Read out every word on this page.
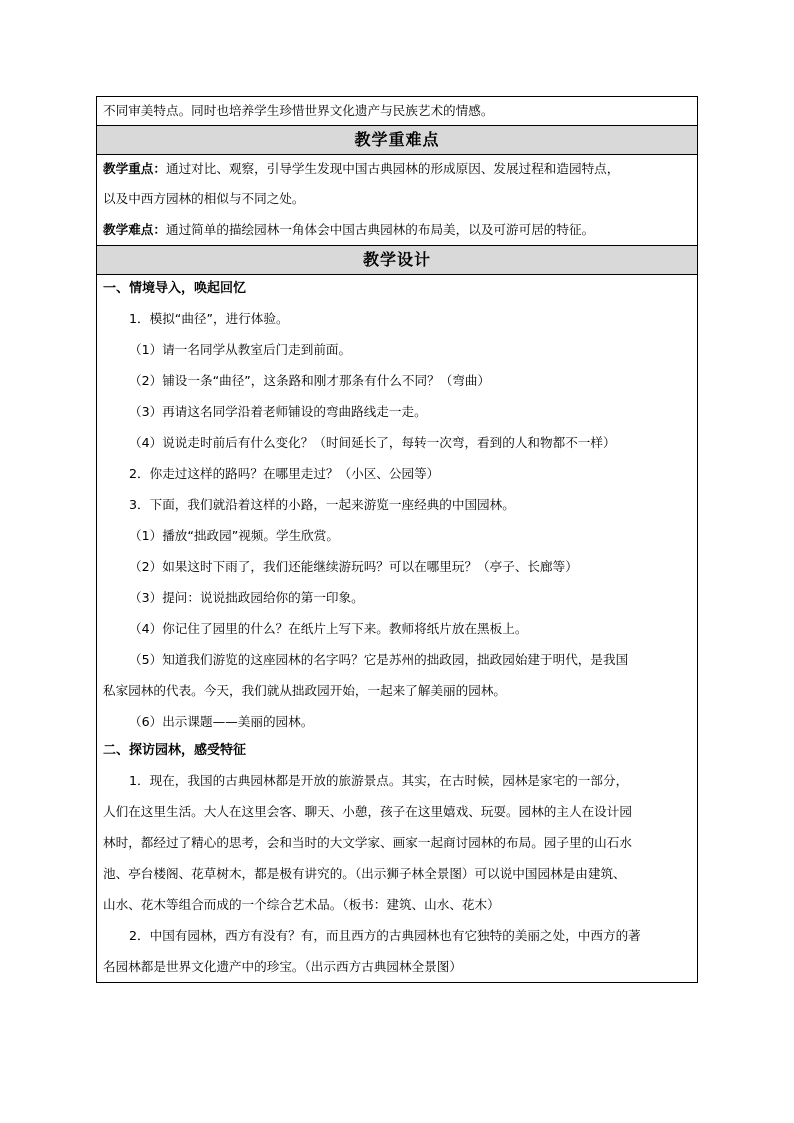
不同审美特点。同时也培养学生珍惜世界文化遗产与民族艺术的情感。

教学重难点

教学重点：通过对比、观察，引导学生发现中国古典园林的形成原因、发展过程和造园特点，
以及中西方园林的相似与不同之处。
教学难点：通过简单的描绘园林一角体会中国古典园林的布局美，以及可游可居的特征。

教学设计

一、情境导入，唤起回忆
1．模拟“曲径”，进行体验。
（1）请一名同学从教室后门走到前面。
（2）铺设一条“曲径”，这条路和刚才那条有什么不同？（弯曲）
（3）再请这名同学沿着老师铺设的弯曲路线走一走。
（4）说说走时前后有什么变化？（时间延长了，每转一次弯，看到的人和物都不一样）
2．你走过这样的路吗？在哪里走过？（小区、公园等）
3．下面，我们就沿着这样的小路，一起来游览一座经典的中国园林。
（1）播放“拙政园”视频。学生欣赏。
（2）如果这时下雨了，我们还能继续游玩吗？可以在哪里玩？（亭子、长廊等）
（3）提问：说说拙政园给你的第一印象。
（4）你记住了园里的什么？在纸片上写下来。教师将纸片放在黑板上。
（5）知道我们游览的这座园林的名字吗？它是苏州的拙政园，拙政园始建于明代，是我国
私家园林的代表。今天，我们就从拙政园开始，一起来了解美丽的园林。
（6）出示课题——美丽的园林。
二、探访园林，感受特征
1．现在，我国的古典园林都是开放的旅游景点。其实，在古时候，园林是家宅的一部分，
人们在这里生活。大人在这里会客、聊天、小憩，孩子在这里嬉戏、玩耍。园林的主人在设计园
林时，都经过了精心的思考，会和当时的大文学家、画家一起商讨园林的布局。园子里的山石水
池、亭台楼阁、花草树木，都是极有讲究的。（出示狮子林全景图）可以说中国园林是由建筑、
山水、花木等组合而成的一个综合艺术品。（板书：建筑、山水、花木）
2．中国有园林，西方有没有？有，而且西方的古典园林也有它独特的美丽之处，中西方的著
名园林都是世界文化遗产中的珍宝。（出示西方古典园林全景图）
